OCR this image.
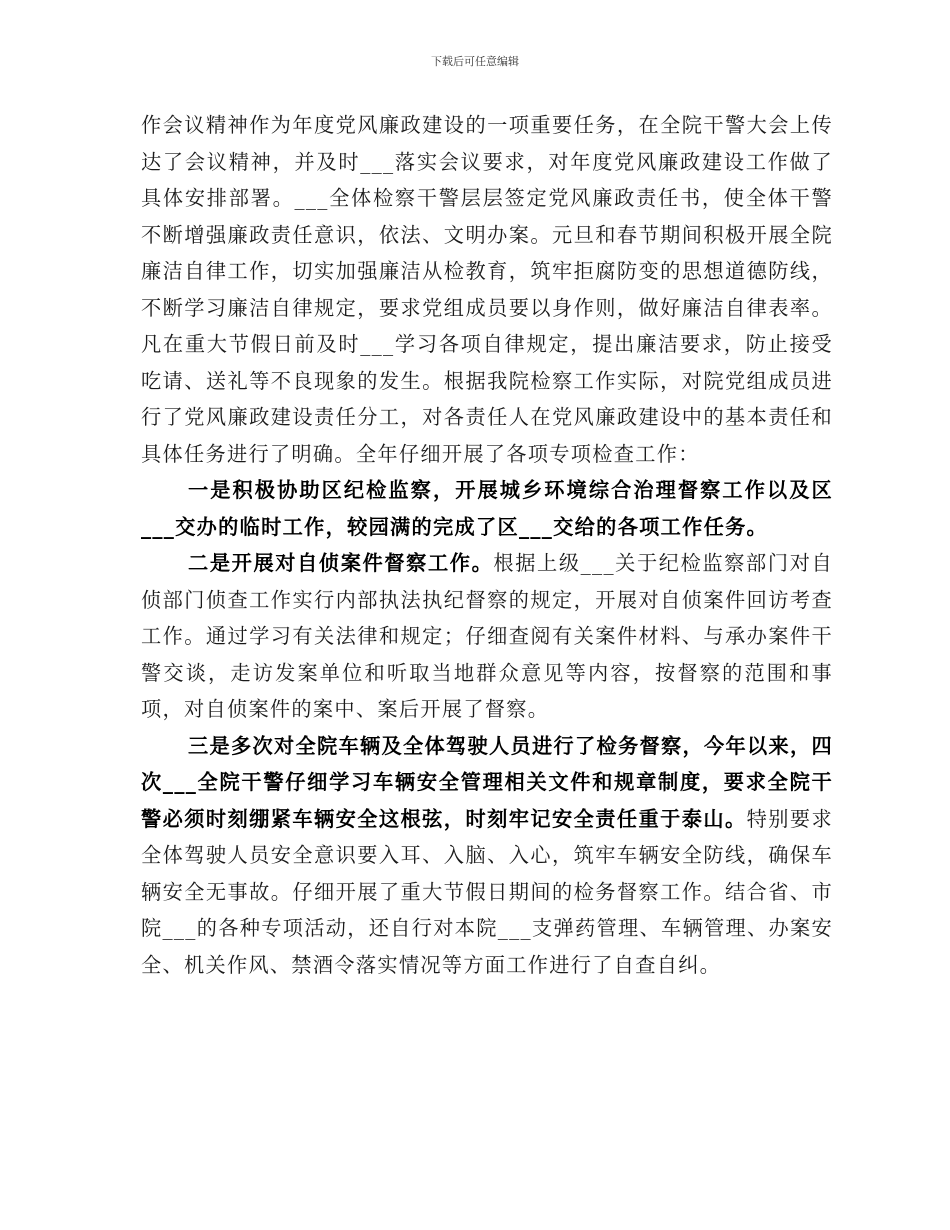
下载后可任意编辑

作会议精神作为年度党风廉政建设的一项重要任务，在全院干警大会上传达了会议精神，并及时___落实会议要求，对年度党风廉政建设工作做了具体安排部署。___全体检察干警层层签定党风廉政责任书，使全体干警不断增强廉政责任意识，依法、文明办案。元旦和春节期间积极开展全院廉洁自律工作，切实加强廉洁从检教育，筑牢拒腐防变的思想道德防线，不断学习廉洁自律规定，要求党组成员要以身作则，做好廉洁自律表率。凡在重大节假日前及时___学习各项自律规定，提出廉洁要求，防止接受吃请、送礼等不良现象的发生。根据我院检察工作实际，对院党组成员进行了党风廉政建设责任分工，对各责任人在党风廉政建设中的基本责任和具体任务进行了明确。全年仔细开展了各项专项检查工作：

一是积极协助区纪检监察，开展城乡环境综合治理督察工作以及区___交办的临时工作，较园满的完成了区___交给的各项工作任务。

二是开展对自侦案件督察工作。根据上级___关于纪检监察部门对自侦部门侦查工作实行内部执法执纪督察的规定，开展对自侦案件回访考查工作。通过学习有关法律和规定；仔细查阅有关案件材料、与承办案件干警交谈，走访发案单位和听取当地群众意见等内容，按督察的范围和事项，对自侦案件的案中、案后开展了督察。

三是多次对全院车辆及全体驾驶人员进行了检务督察，今年以来，四次___全院干警仔细学习车辆安全管理相关文件和规章制度，要求全院干警必须时刻绷紧车辆安全这根弦，时刻牢记安全责任重于泰山。特别要求全体驾驶人员安全意识要入耳、入脑、入心，筑牢车辆安全防线，确保车辆安全无事故。仔细开展了重大节假日期间的检务督察工作。结合省、市院___的各种专项活动，还自行对本院___支弹药管理、车辆管理、办案安全、机关作风、禁酒令落实情况等方面工作进行了自查自纠。
